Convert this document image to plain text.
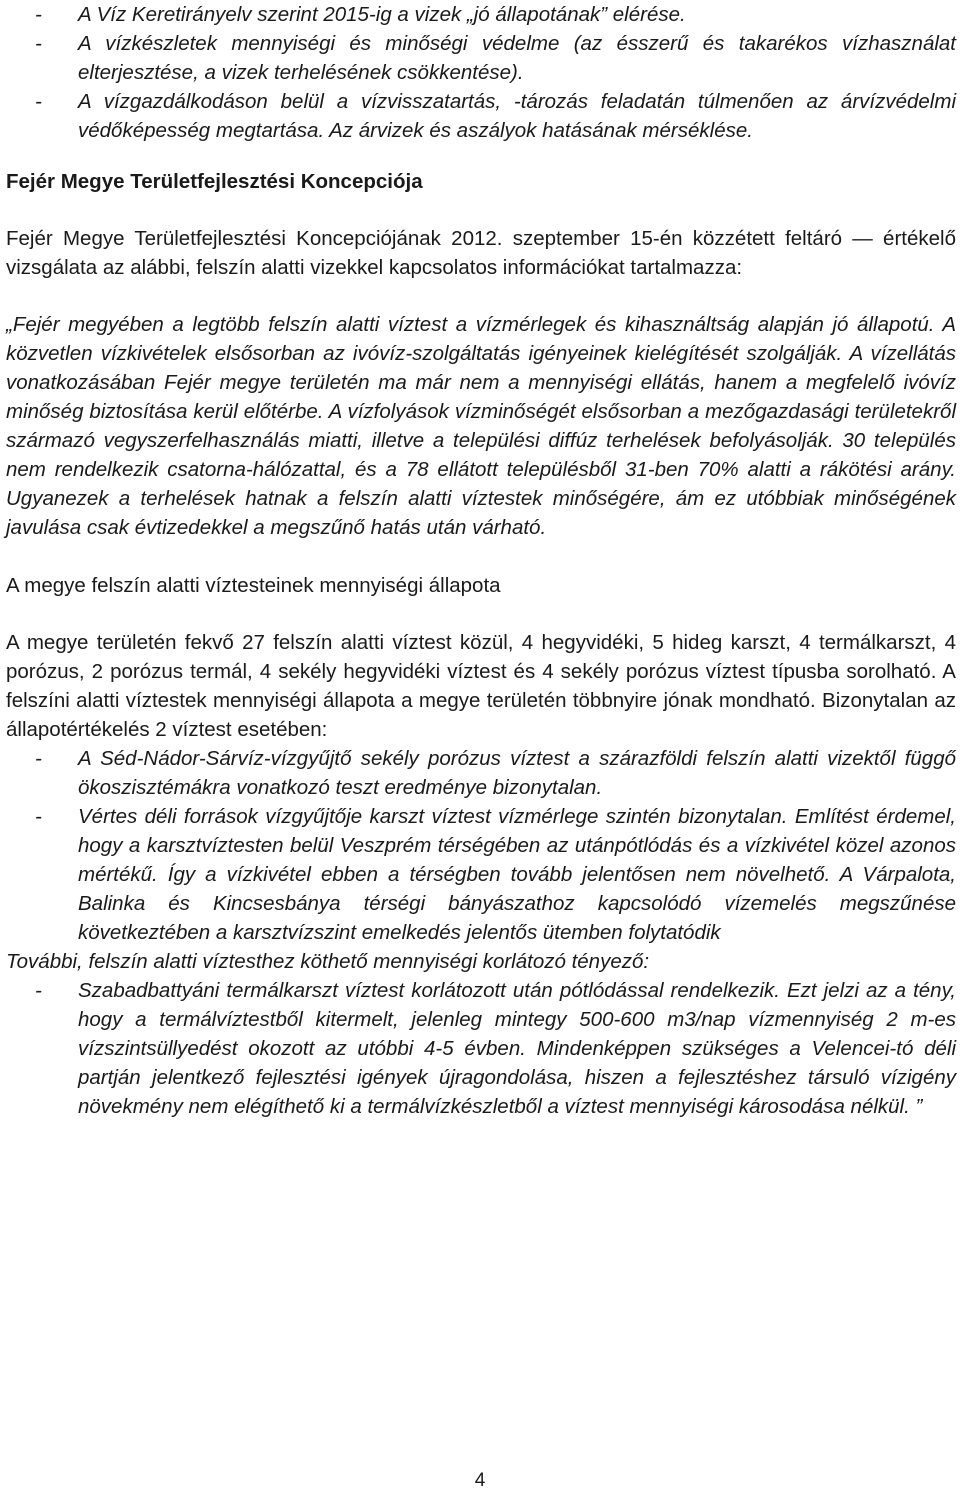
- A Víz Keretirányelv szerint 2015-ig a vizek „jó állapotának” elérése.

- A vízkészletek mennyiségi és minőségi védelme (az ésszerű és takarékos vízhasználat elterjesztése, a vizek terhelésének csökkentése).

- A vízgazdálkodáson belül a vízvisszatartás, -tározás feladatán túlmenően az árvízvédelmi védőképesség megtartása. Az árvizek és aszályok hatásának mérséklése.

Fejér Megye Területfejlesztési Koncepciója

Fejér Megye Területfejlesztési Koncepciójának 2012. szeptember 15-én közzétett feltáró — értékelő vizsgálata az alábbi, felszín alatti vizekkel kapcsolatos információkat tartalmazza:

„Fejér megyében a legtöbb felszín alatti víztest a vízmérlegek és kihasználtság alapján jó állapotú. A közvetlen vízkivételek elsősorban az ivóvíz-szolgáltatás igényeinek kielégítését szolgálják. A vízellátás vonatkozásában Fejér megye területén ma már nem a mennyiségi ellátás, hanem a megfelelő ivóvíz minőség biztosítása kerül előtérbe. A vízfolyások vízminőségét elsősorban a mezőgazdasági területekről származó vegyszerfelhasználás miatti, illetve a települési diffúz terhelések befolyásolják. 30 település nem rendelkezik csatorna-hálózattal, és a 78 ellátott településből 31-ben 70% alatti a rákötési arány. Ugyanezek a terhelések hatnak a felszín alatti víztestek minőségére, ám ez utóbbiak minőségének javulása csak évtizedekkel a megszűnő hatás után várható.

A megye felszín alatti víztesteinek mennyiségi állapota

A megye területén fekvő 27 felszín alatti víztest közül, 4 hegyvidéki, 5 hideg karszt, 4 termálkarszt, 4 porózus, 2 porózus termál, 4 sekély hegyvidéki víztest és 4 sekély porózus víztest típusba sorolható. A felszíni alatti víztestek mennyiségi állapota a megye területén többnyire jónak mondható. Bizonytalan az állapotértékelés 2 víztest esetében:

- A Séd-Nádor-Sárvíz-vízgyűjtő sekély porózus víztest a szárazföldi felszín alatti vizektől függő ökoszisztémákra vonatkozó teszt eredménye bizonytalan.

- Vértes déli források vízgyűjtője karszt víztest vízmérlege szintén bizonytalan. Említést érdemel, hogy a karsztvíztesten belül Veszprém térségében az utánpótlódás és a vízkivétel közel azonos mértékű. Így a vízkivétel ebben a térségben tovább jelentősen nem növelhető. A Várpalota, Balinka és Kincsesbánya térségi bányászathoz kapcsolódó vízemelés megszűnése következtében a karsztvízszint emelkedés jelentős ütemben folytatódik

További, felszín alatti víztesthez köthető mennyiségi korlátozó tényező:

- Szabadbattyáni termálkarszt víztest korlátozott után pótlódással rendelkezik. Ezt jelzi az a tény, hogy a termálvíztestből kitermelt, jelenleg mintegy 500-600 m3/nap vízmennyiség 2 m-es vízszintsüllyedést okozott az utóbbi 4-5 évben. Mindenképpen szükséges a Velencei-tó déli partján jelentkező fejlesztési igények újragondolása, hiszen a fejlesztéshez társuló vízigény növekmény nem elégíthető ki a termálvízkészletből a víztest mennyiségi károsodása nélkül. ”

4
